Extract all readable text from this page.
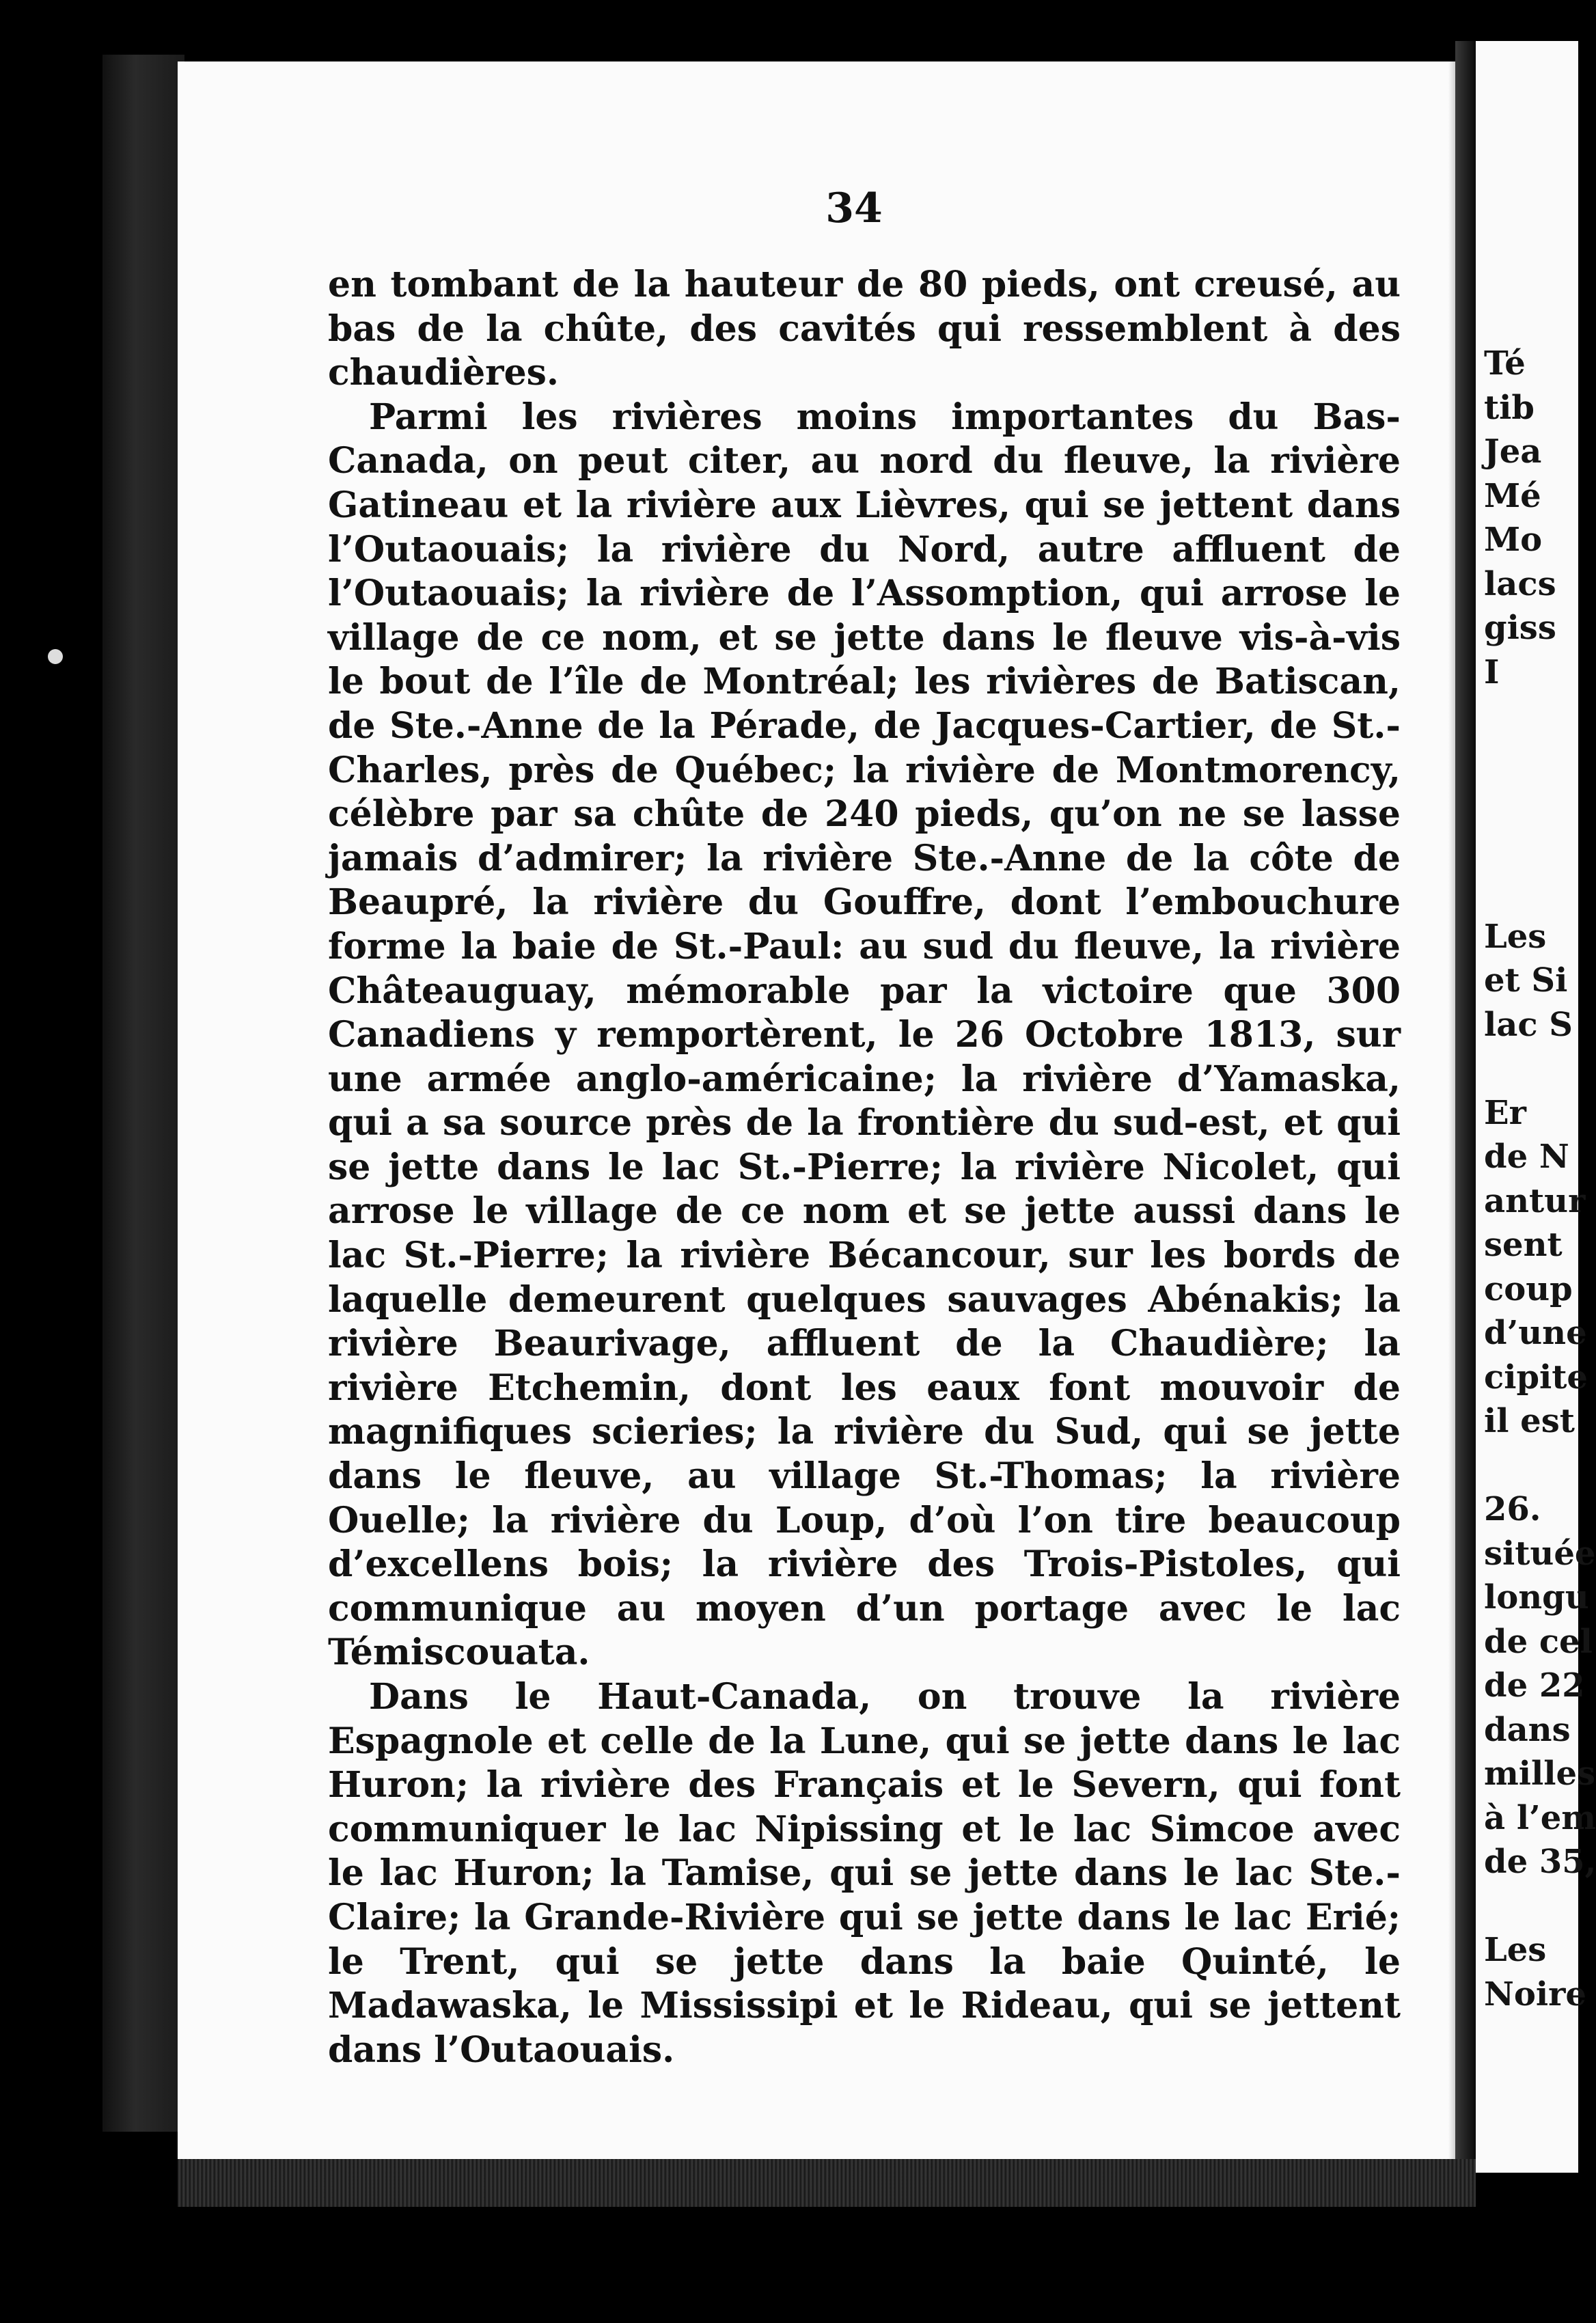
34

en tombant de la hauteur de 80 pieds, ont creusé, au bas de la chûte, des cavités qui ressemblent à des chaudières.

Parmi les rivières moins importantes du Bas-Canada, on peut citer, au nord du fleuve, la rivière Gatineau et la rivière aux Lièvres, qui se jettent dans l’Outaouais; la rivière du Nord, autre affluent de l’Outaouais; la rivière de l’Assomption, qui arrose le village de ce nom, et se jette dans le fleuve vis-à-vis le bout de l’île de Montréal; les rivières de Batiscan, de Ste.-Anne de la Pérade, de Jacques-Cartier, de St.-Charles, près de Québec; la rivière de Montmorency, célèbre par sa chûte de 240 pieds, qu’on ne se lasse jamais d’admirer; la rivière Ste.-Anne de la côte de Beaupré, la rivière du Gouffre, dont l’embouchure forme la baie de St.-Paul: au sud du fleuve, la rivière Châteauguay, mémorable par la victoire que 300 Canadiens y remportèrent, le 26 Octobre 1813, sur une armée anglo-américaine; la rivière d’Yamaska, qui a sa source près de la frontière du sud-est, et qui se jette dans le lac St.-Pierre; la rivière Nicolet, qui arrose le village de ce nom et se jette aussi dans le lac St.-Pierre; la rivière Bécancour, sur les bords de laquelle demeurent quelques sauvages Abénakis; la rivière Beaurivage, affluent de la Chaudière; la rivière Etchemin, dont les eaux font mouvoir de magnifiques scieries; la rivière du Sud, qui se jette dans le fleuve, au village St.-Thomas; la rivière Ouelle; la rivière du Loup, d’où l’on tire beaucoup d’excellens bois; la rivière des Trois-Pistoles, qui communique au moyen d’un portage avec le lac Témiscouata.

Dans le Haut-Canada, on trouve la rivière Espagnole et celle de la Lune, qui se jette dans le lac Huron; la rivière des Français et le Severn, qui font communiquer le lac Nipissing et le lac Simcoe avec le lac Huron; la Tamise, qui se jette dans le lac Ste.-Claire; la Grande-Rivière qui se jette dans le lac Erié; le Trent, qui se jette dans la baie Quinté, le Madawaska, le Mississipi et le Rideau, qui se jettent dans l’Outaouais.

Té
tib
Jea
Mé
Mo
lacs
giss
I
Les
et Si
lac S
Er
de N
antur
sent
coup
d’une
cipite
il est
26.
située
longu
de cel
de 22
dans
milles
à l’em
de 35,
Les
Noire
